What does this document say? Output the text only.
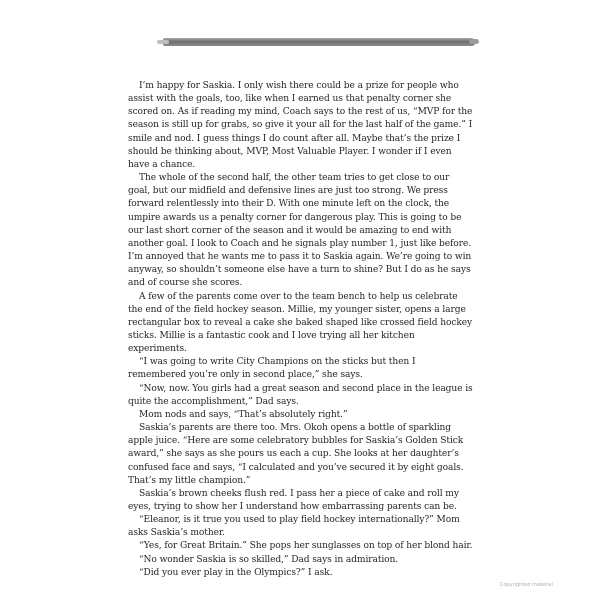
I’m happy for Saskia. I only wish there could be a prize for people who assist with the goals, too, like when I earned us that penalty corner she scored on. As if reading my mind, Coach says to the rest of us, “MVP for the season is still up for grabs, so give it your all for the last half of the game.” I smile and nod. I guess things I do count after all. Maybe that’s the prize I should be thinking about, MVP, Most Valuable Player. I wonder if I even have a chance.

The whole of the second half, the other team tries to get close to our goal, but our midfield and defensive lines are just too strong. We press forward relentlessly into their D. With one minute left on the clock, the umpire awards us a penalty corner for dangerous play. This is going to be our last short corner of the season and it would be amazing to end with another goal. I look to Coach and he signals play number 1, just like before. I’m annoyed that he wants me to pass it to Saskia again. We’re going to win anyway, so shouldn’t someone else have a turn to shine? But I do as he says and of course she scores.

A few of the parents come over to the team bench to help us celebrate the end of the field hockey season. Millie, my younger sister, opens a large rectangular box to reveal a cake she baked shaped like crossed field hockey sticks. Millie is a fantastic cook and I love trying all her kitchen experiments.

“I was going to write City Champions on the sticks but then I remembered you’re only in second place,” she says.

“Now, now. You girls had a great season and second place in the league is quite the accomplishment,” Dad says.

Mom nods and says, “That’s absolutely right.”

Saskia’s parents are there too. Mrs. Okoh opens a bottle of sparkling apple juice. “Here are some celebratory bubbles for Saskia’s Golden Stick award,” she says as she pours us each a cup. She looks at her daughter’s confused face and says, “I calculated and you’ve secured it by eight goals. That’s my little champion.”

Saskia’s brown cheeks flush red. I pass her a piece of cake and roll my eyes, trying to show her I understand how embarrassing parents can be.

“Eleanor, is it true you used to play field hockey internationally?” Mom asks Saskia’s mother.

“Yes, for Great Britain.” She pops her sunglasses on top of her blond hair.

“No wonder Saskia is so skilled,” Dad says in admiration.

“Did you ever play in the Olympics?” I ask.

Copyrighted material
